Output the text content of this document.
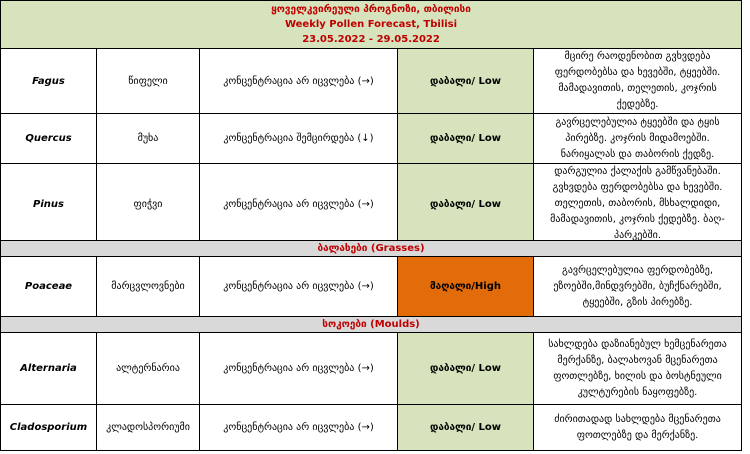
ყოველკვირეული პროგნოზი, თბილისი
Weekly Pollen Forecast, Tbilisi
23.05.2022 - 29.05.2022				

Fagus	წიფელი	კონცენტრაცია არ იცვლება (→)	დაბალი/ Low	მცირე რაოდენობით გვხვდება ფერდობებსა და ხევებში, ტყეებში. მამადავითის, თელეთის, კოჯრის ქედებზე.
Quercus	მუხა	კონცენტრაცია შემცირდება (↓)	დაბალი/ Low	გავრცელებულია ტყეებში და ტყის პირებზე. კოჯრის მიდამოებში. ნარიყალას და თაბორის ქედზე.
Pinus	ფიჭვი	კონცენტრაცია არ იცვლება (→)	დაბალი/ Low	დარგულია ქალაქის გამწვანებაში. გვხვდება ფერდობებსა და ხევებში. თელეთის, თაბორის, მსხალდიდი, მამადავითის, კოჯრის ქედებზე. ბაღ-პარკებში.
ბალახები (Grasses)				
Poaceae	მარცვლოვნები	კონცენტრაცია არ იცვლება (→)	მაღალი/High	გავრცელებულია ფერდობებზე, ეზოებში,მინდვრებში, ბუჩქნარებში, ტყეებში, გზის პირებზე.
სოკოები (Moulds)				
Alternaria	ალტერნარია	კონცენტრაცია არ იცვლება (→)	დაბალი/ Low	სახლდება დაზიანებულ ხემცენარეთა მერქანზე, ბალახოვან მცენარეთა ფოთლებზე, ხილის და ბოსტნეული კულტურების ნაყოფებზე.
Cladosporium	კლადოსპორიუმი	კონცენტრაცია არ იცვლება (→)	დაბალი/ Low	ძირითადად სახლდება მცენარეთა ფოთლებზე და მერქანზე.
